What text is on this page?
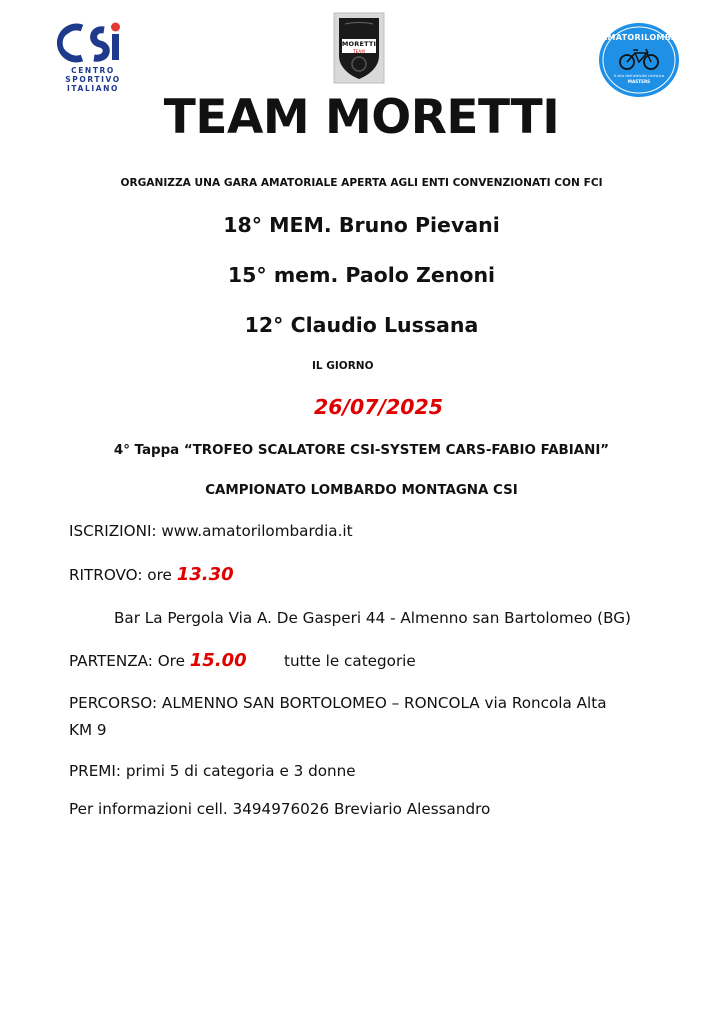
CENTRO
SPORTIVO
ITALIANO
MORETTI
TEAM
AMATORILOMBARDIA
Il sito dell'attività ciclistica
MASTERS
TEAM MORETTI
ORGANIZZA UNA GARA AMATORIALE APERTA AGLI ENTI CONVENZIONATI CON FCI
18° MEM. Bruno Pievani
15° mem. Paolo Zenoni
12° Claudio Lussana
IL GIORNO
26/07/2025
4° Tappa “TROFEO SCALATORE CSI-SYSTEM CARS-FABIO FABIANI”
CAMPIONATO LOMBARDO MONTAGNA CSI
ISCRIZIONI: www.amatorilombardia.it
RITROVO: ore 13.30
Bar La Pergola Via A. De Gasperi 44 - Almenno san Bartolomeo (BG)
PARTENZA: Ore 15.00 tutte le categorie
PERCORSO: ALMENNO SAN BORTOLOMEO – RONCOLA via Roncola Alta
KM 9
PREMI: primi 5 di categoria e 3 donne
Per informazioni cell. 3494976026 Breviario Alessandro
